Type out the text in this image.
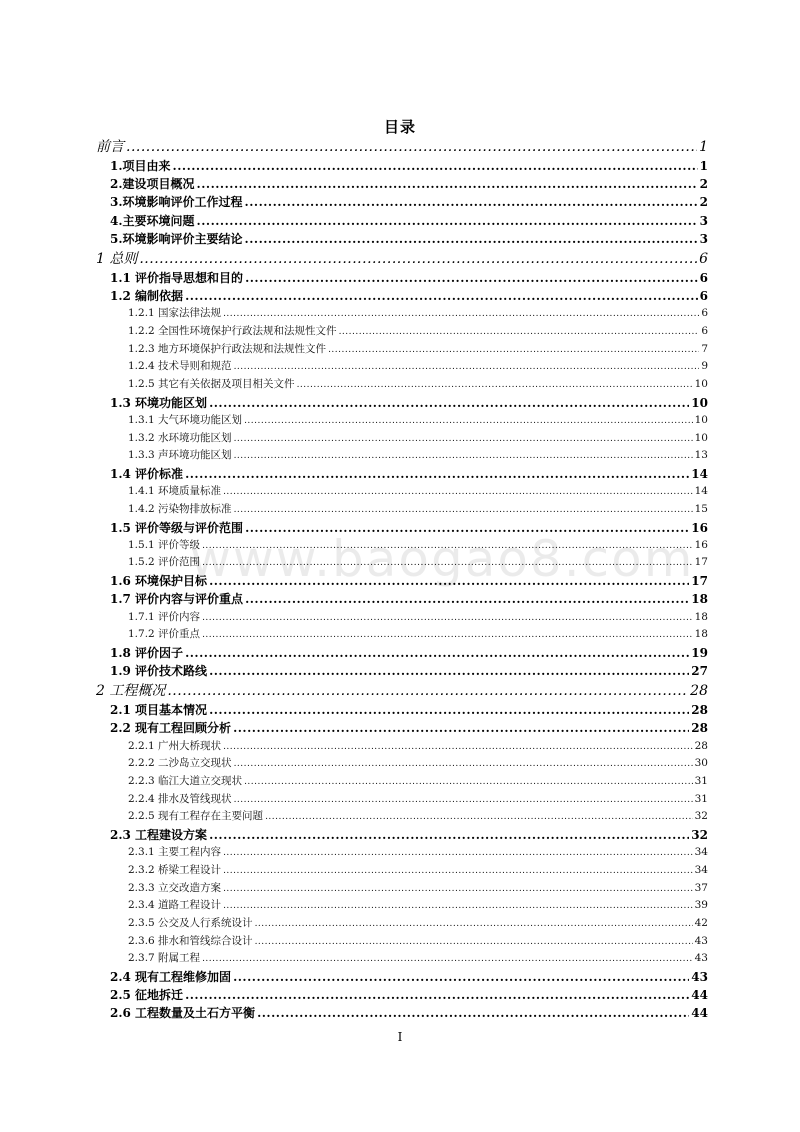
目录
前言 .....	1
1.项目由来 .....	1
2.建设项目概况 .....	2
3.环境影响评价工作过程 .....	2
4.主要环境问题 .....	3
5.环境影响评价主要结论 .....	3
1 总则 .....	6
1.1 评价指导思想和目的 .....	6
1.2 编制依据 .....	6
1.2.1 国家法律法规 .....	6
1.2.2 全国性环境保护行政法规和法规性文件 .....	6
1.2.3 地方环境保护行政法规和法规性文件 .....	7
1.2.4 技术导则和规范 .....	9
1.2.5 其它有关依据及项目相关文件 .....	10
1.3 环境功能区划 .....	10
1.3.1 大气环境功能区划 .....	10
1.3.2 水环境功能区划 .....	10
1.3.3 声环境功能区划 .....	13
1.4 评价标准 .....	14
1.4.1 环境质量标准 .....	14
1.4.2 污染物排放标准 .....	15
1.5 评价等级与评价范围 .....	16
1.5.1 评价等级 .....	16
1.5.2 评价范围 .....	17
1.6 环境保护目标 .....	17
1.7 评价内容与评价重点 .....	18
1.7.1 评价内容 .....	18
1.7.2 评价重点 .....	18
1.8 评价因子 .....	19
1.9 评价技术路线 .....	27
2 工程概况 .....	28
2.1 项目基本情况 .....	28
2.2 现有工程回顾分析 .....	28
2.2.1 广州大桥现状 .....	28
2.2.2 二沙岛立交现状 .....	30
2.2.3 临江大道立交现状 .....	31
2.2.4 排水及管线现状 .....	31
2.2.5 现有工程存在主要问题 .....	32
2.3 工程建设方案 .....	32
2.3.1 主要工程内容 .....	34
2.3.2 桥梁工程设计 .....	34
2.3.3 立交改造方案 .....	37
2.3.4 道路工程设计 .....	39
2.3.5 公交及人行系统设计 .....	42
2.3.6 排水和管线综合设计 .....	43
2.3.7 附属工程 .....	43
2.4 现有工程维修加固 .....	43
2.5 征地拆迁 .....	44
2.6 工程数量及土石方平衡 .....	44
www.baogao8.com
I
